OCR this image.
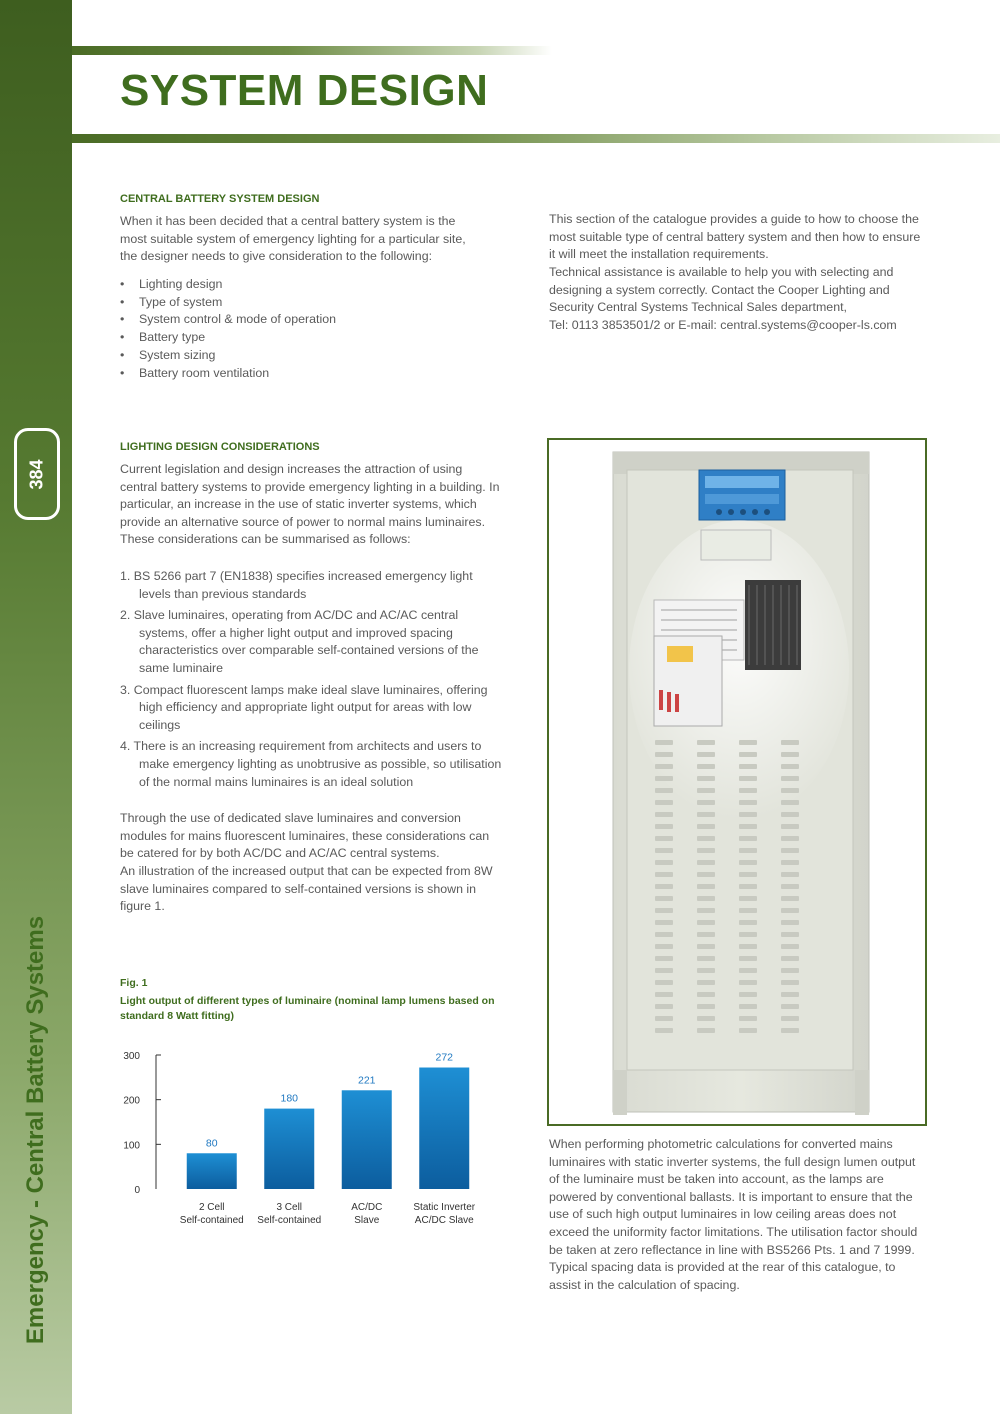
384
Emergency - Central Battery Systems
SYSTEM DESIGN
CENTRAL BATTERY SYSTEM DESIGN

When it has been decided that a central battery system is the most suitable system of emergency lighting for a particular site, the designer needs to give consideration to the following:

• Lighting design
• Type of system
• System control & mode of operation
• Battery type
• System sizing
• Battery room ventilation

This section of the catalogue provides a guide to how to choose the most suitable type of central battery system and then how to ensure it will meet the installation requirements.

Technical assistance is available to help you with selecting and designing a system correctly. Contact the Cooper Lighting and Security Central Systems Technical Sales department,

Tel: 0113 3853501/2 or E-mail: central.systems@cooper-ls.com

LIGHTING DESIGN CONSIDERATIONS

Current legislation and design increases the attraction of using central battery systems to provide emergency lighting in a building. In particular, an increase in the use of static inverter systems, which provide an alternative source of power to normal mains luminaires. These considerations can be summarised as follows:

1. BS 5266 part 7 (EN1838) specifies increased emergency light levels than previous standards
2. Slave luminaires, operating from AC/DC and AC/AC central systems, offer a higher light output and improved spacing characteristics over comparable self-contained versions of the same luminaire
3. Compact fluorescent lamps make ideal slave luminaires, offering high efficiency and appropriate light output for areas with low ceilings
4. There is an increasing requirement from architects and users to make emergency lighting as unobtrusive as possible, so utilisation of the normal mains luminaires is an ideal solution

Through the use of dedicated slave luminaires and conversion modules for mains fluorescent luminaires, these considerations can be catered for by both AC/DC and AC/AC central systems.

An illustration of the increased output that can be expected from 8W slave luminaires compared to self-contained versions is shown in figure 1.

Fig. 1

Light output of different types of luminaire (nominal lamp lumens based on standard 8 Watt fitting)

0
100
200
300
80
2 Cell
Self-contained
180
3 Cell
Self-contained
221
AC/DC
Slave
272
Static Inverter
AC/DC Slave

When performing photometric calculations for converted mains luminaires with static inverter systems, the full design lumen output of the luminaire must be taken into account, as the lamps are powered by conventional ballasts. It is important to ensure that the use of such high output luminaires in low ceiling areas does not exceed the uniformity factor limitations. The utilisation factor should be taken at zero reflectance in line with BS5266 Pts. 1 and 7 1999. Typical spacing data is provided at the rear of this catalogue, to assist in the calculation of spacing.
